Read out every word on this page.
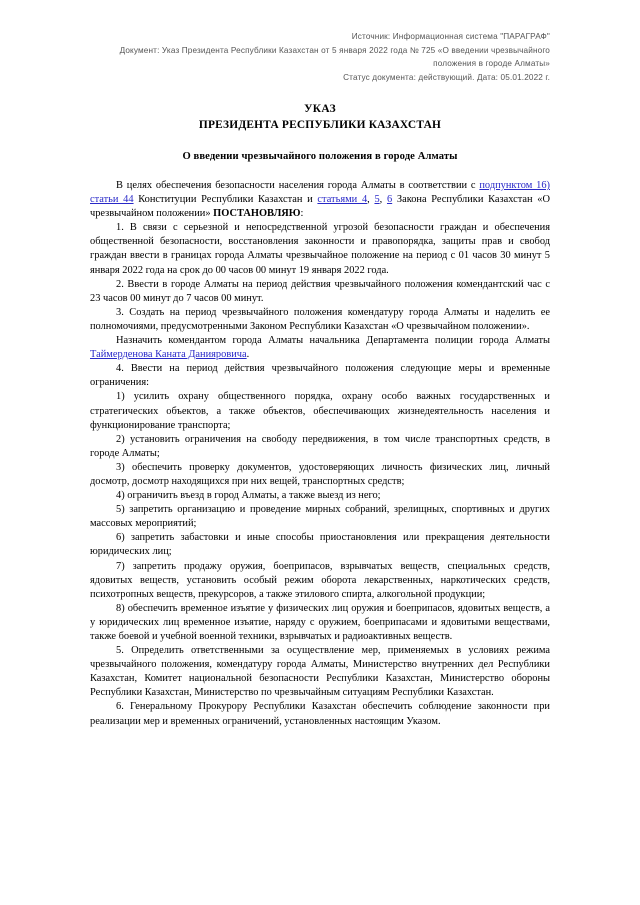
Источник: Информационная система "ПАРАГРАФ"
Документ: Указ Президента Республики Казахстан от 5 января 2022 года № 725 «О введении чрезвычайного положения в городе Алматы»
Статус документа: действующий. Дата: 05.01.2022 г.
УКАЗ
ПРЕЗИДЕНТА РЕСПУБЛИКИ КАЗАХСТАН
О введении чрезвычайного положения в городе Алматы

В целях обеспечения безопасности населения города Алматы в соответствии с подпунктом 16) статьи 44 Конституции Республики Казахстан и статьями 4, 5, 6 Закона Республики Казахстан «О чрезвычайном положении» ПОСТАНОВЛЯЮ:

1. В связи с серьезной и непосредственной угрозой безопасности граждан и обеспечения общественной безопасности, восстановления законности и правопорядка, защиты прав и свобод граждан ввести в границах города Алматы чрезвычайное положение на период с 01 часов 30 минут 5 января 2022 года на срок до 00 часов 00 минут 19 января 2022 года.

2. Ввести в городе Алматы на период действия чрезвычайного положения комендантский час с 23 часов 00 минут до 7 часов 00 минут.

3. Создать на период чрезвычайного положения комендатуру города Алматы и наделить ее полномочиями, предусмотренными Законом Республики Казахстан «О чрезвычайном положении».

Назначить комендантом города Алматы начальника Департамента полиции города Алматы Таймерденова Каната Данияровича.

4. Ввести на период действия чрезвычайного положения следующие меры и временные ограничения:

1) усилить охрану общественного порядка, охрану особо важных государственных и стратегических объектов, а также объектов, обеспечивающих жизнедеятельность населения и функционирование транспорта;

2) установить ограничения на свободу передвижения, в том числе транспортных средств, в городе Алматы;

3) обеспечить проверку документов, удостоверяющих личность физических лиц, личный досмотр, досмотр находящихся при них вещей, транспортных средств;

4) ограничить въезд в город Алматы, а также выезд из него;

5) запретить организацию и проведение мирных собраний, зрелищных, спортивных и других массовых мероприятий;

6) запретить забастовки и иные способы приостановления или прекращения деятельности юридических лиц;

7) запретить продажу оружия, боеприпасов, взрывчатых веществ, специальных средств, ядовитых веществ, установить особый режим оборота лекарственных, наркотических средств, психотропных веществ, прекурсоров, а также этилового спирта, алкогольной продукции;

8) обеспечить временное изъятие у физических лиц оружия и боеприпасов, ядовитых веществ, а у юридических лиц временное изъятие, наряду с оружием, боеприпасами и ядовитыми веществами, также боевой и учебной военной техники, взрывчатых и радиоактивных веществ.

5. Определить ответственными за осуществление мер, применяемых в условиях режима чрезвычайного положения, комендатуру города Алматы, Министерство внутренних дел Республики Казахстан, Комитет национальной безопасности Республики Казахстан, Министерство обороны Республики Казахстан, Министерство по чрезвычайным ситуациям Республики Казахстан.

6. Генеральному Прокурору Республики Казахстан обеспечить соблюдение законности при реализации мер и временных ограничений, установленных настоящим Указом.
